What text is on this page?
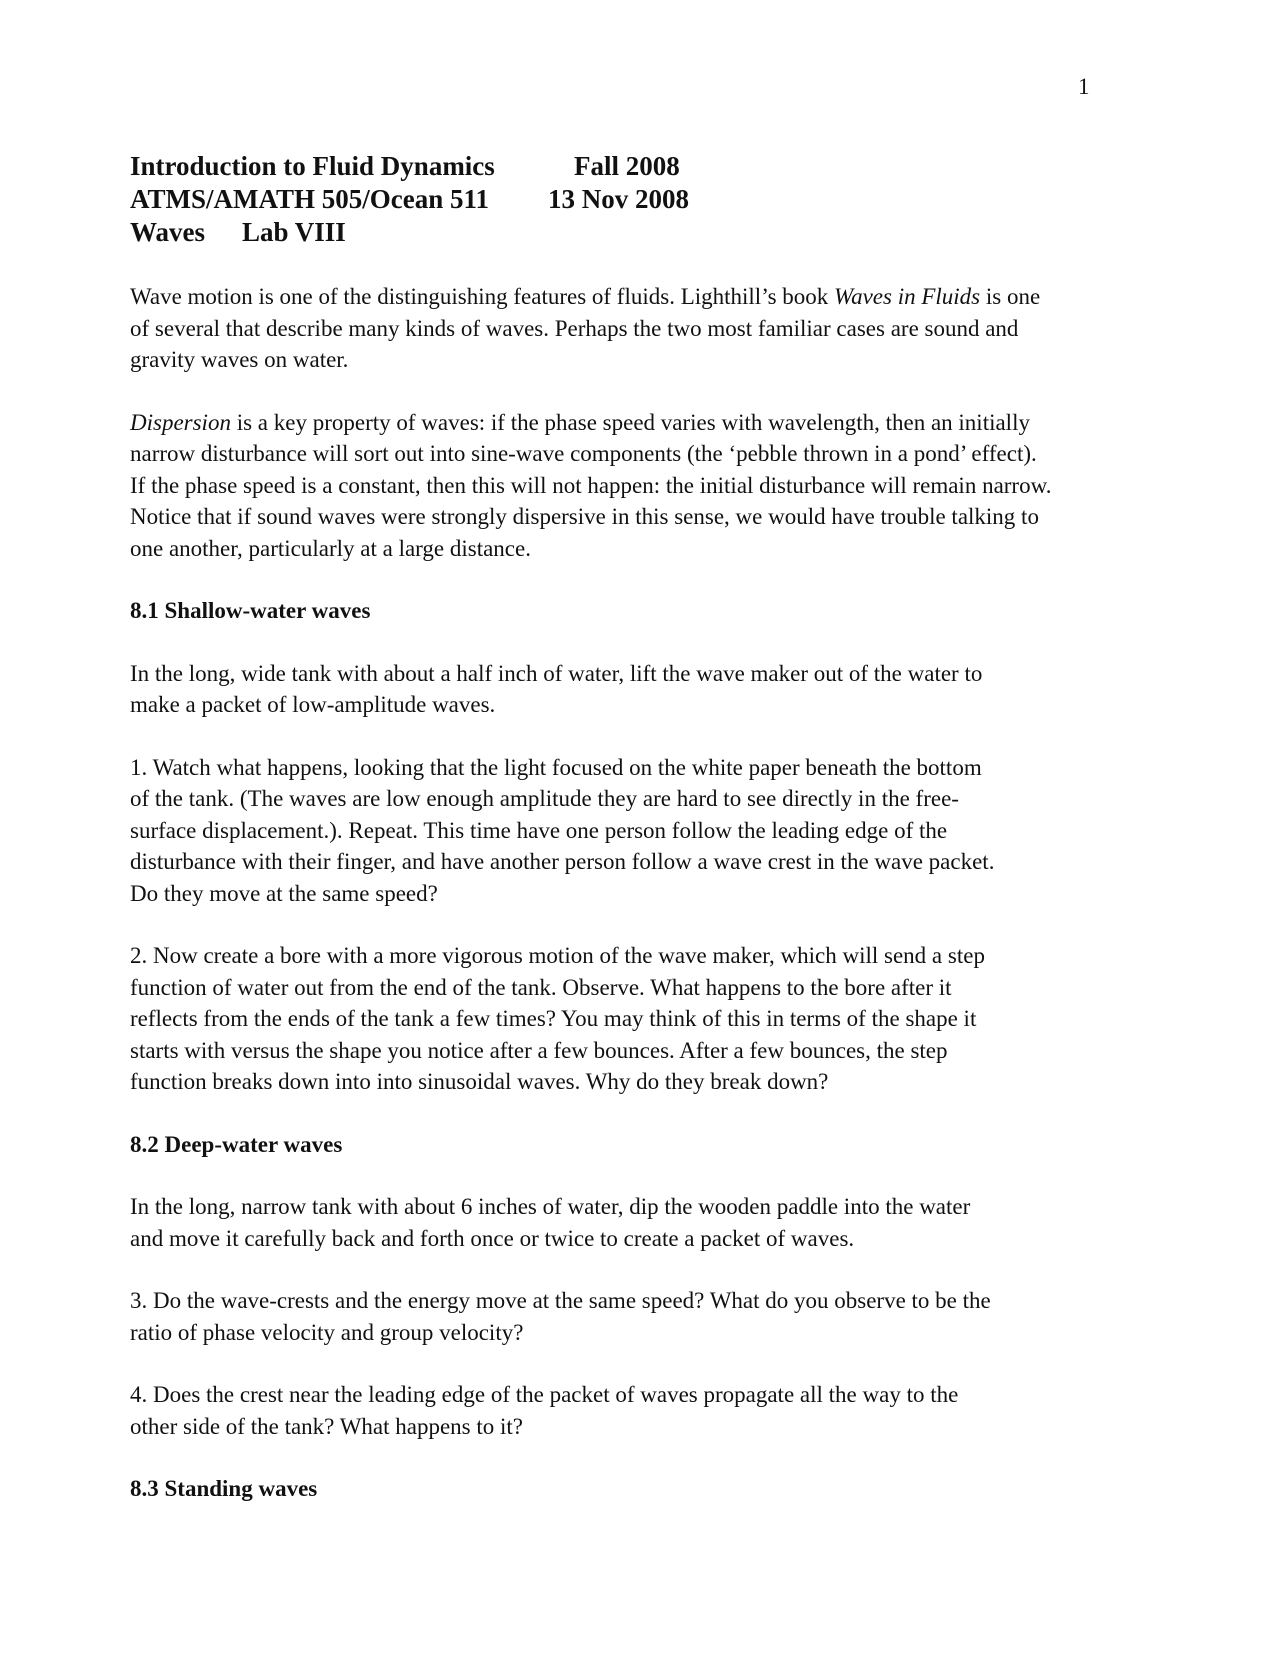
1
Introduction to Fluid Dynamics	Fall 2008
ATMS/AMATH 505/Ocean 511 13 Nov 2008
Waves Lab VIII
Wave motion is one of the distinguishing features of fluids. Lighthill’s book Waves in Fluids is one
of several that describe many kinds of waves. Perhaps the two most familiar cases are sound and
gravity waves on water.
Dispersion is a key property of waves: if the phase speed varies with wavelength, then an initially
narrow disturbance will sort out into sine-wave components (the ‘pebble thrown in a pond’ effect).
If the phase speed is a constant, then this will not happen: the initial disturbance will remain narrow.
Notice that if sound waves were strongly dispersive in this sense, we would have trouble talking to
one another, particularly at a large distance.
8.1 Shallow-water waves
In the long, wide tank with about a half inch of water, lift the wave maker out of the water to
make a packet of low-amplitude waves.
1. Watch what happens, looking that the light focused on the white paper beneath the bottom
of the tank. (The waves are low enough amplitude they are hard to see directly in the free-
surface displacement.). Repeat. This time have one person follow the leading edge of the
disturbance with their finger, and have another person follow a wave crest in the wave packet.
Do they move at the same speed?
2. Now create a bore with a more vigorous motion of the wave maker, which will send a step
function of water out from the end of the tank. Observe. What happens to the bore after it
reflects from the ends of the tank a few times? You may think of this in terms of the shape it
starts with versus the shape you notice after a few bounces. After a few bounces, the step
function breaks down into into sinusoidal waves. Why do they break down?
8.2 Deep-water waves
In the long, narrow tank with about 6 inches of water, dip the wooden paddle into the water
and move it carefully back and forth once or twice to create a packet of waves.
3. Do the wave-crests and the energy move at the same speed? What do you observe to be the
ratio of phase velocity and group velocity?
4. Does the crest near the leading edge of the packet of waves propagate all the way to the
other side of the tank? What happens to it?
8.3 Standing waves
